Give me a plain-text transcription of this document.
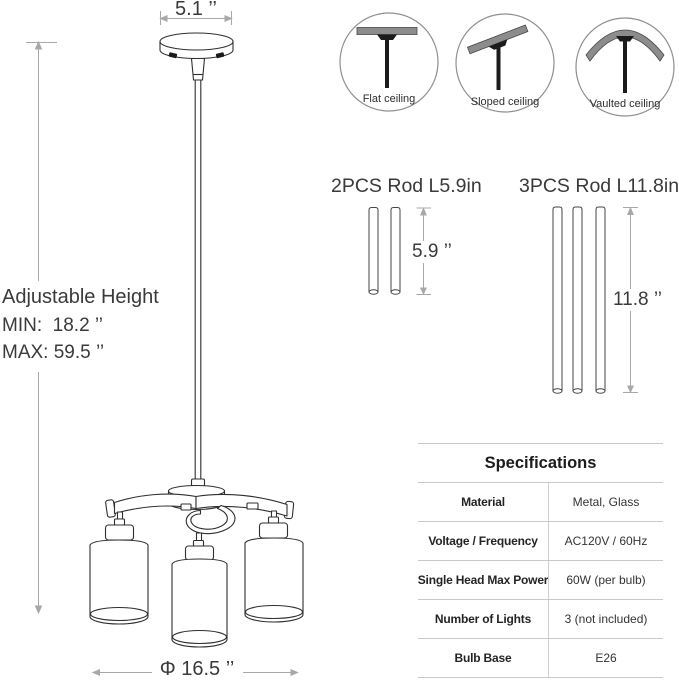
5.1 ’’
Adjustable Height
MIN:  18.2 ’’
MAX: 59.5 ’’
Φ 16.5 ’’
2PCS Rod L5.9in 3PCS Rod L11.8in
5.9 ’’
11.8 ’’
Flat ceiling	Sloped ceiling	Vaulted ceiling
Specifications
Material	Metal, Glass
Voltage / Frequency	AC120V / 60Hz
Single Head Max Power	60W (per bulb)
Number of Lights	3 (not included)
Bulb Base	E26
